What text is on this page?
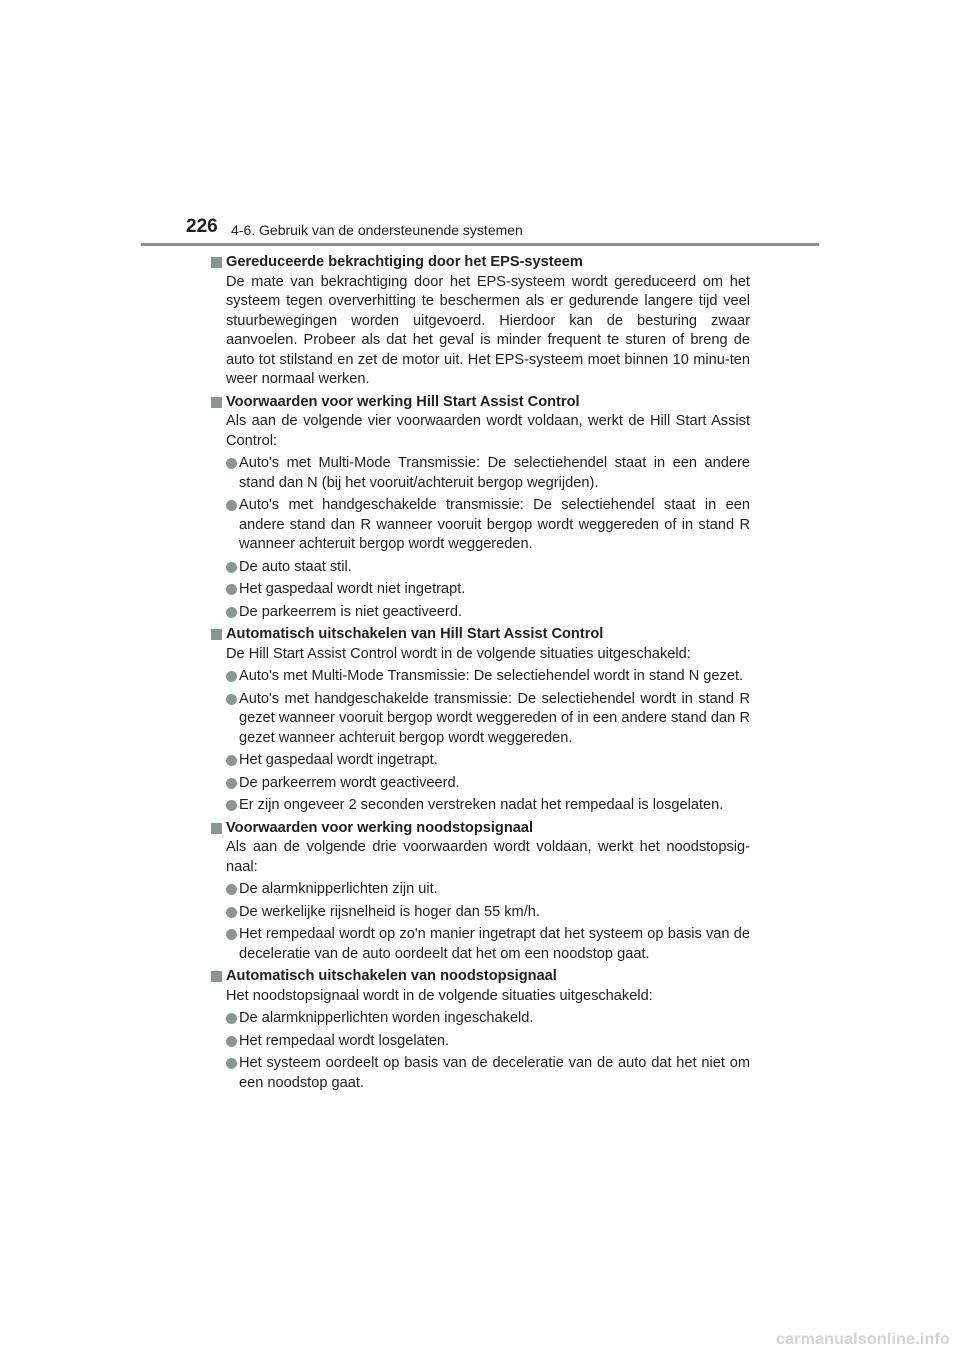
226 4-6. Gebruik van de ondersteunende systemen
Gereduceerde bekrachtiging door het EPS-systeem

De mate van bekrachtiging door het EPS-systeem wordt gereduceerd om het systeem tegen oververhitting te beschermen als er gedurende langere tijd veel stuurbewegingen worden uitgevoerd. Hierdoor kan de besturing zwaar aanvoelen. Probeer als dat het geval is minder frequent te sturen of breng de auto tot stilstand en zet de motor uit. Het EPS-systeem moet binnen 10 minu-ten weer normaal werken.

Voorwaarden voor werking Hill Start Assist Control

Als aan de volgende vier voorwaarden wordt voldaan, werkt de Hill Start Assist Control:

Auto's met Multi-Mode Transmissie: De selectiehendel staat in een andere stand dan N (bij het vooruit/achteruit bergop wegrijden).
Auto's met handgeschakelde transmissie: De selectiehendel staat in een andere stand dan R wanneer vooruit bergop wordt weggereden of in stand R wanneer achteruit bergop wordt weggereden.
De auto staat stil.
Het gaspedaal wordt niet ingetrapt.
De parkeerrem is niet geactiveerd.
Automatisch uitschakelen van Hill Start Assist Control

De Hill Start Assist Control wordt in de volgende situaties uitgeschakeld:

Auto's met Multi-Mode Transmissie: De selectiehendel wordt in stand N gezet.
Auto's met handgeschakelde transmissie: De selectiehendel wordt in stand R gezet wanneer vooruit bergop wordt weggereden of in een andere stand dan R gezet wanneer achteruit bergop wordt weggereden.
Het gaspedaal wordt ingetrapt.
De parkeerrem wordt geactiveerd.
Er zijn ongeveer 2 seconden verstreken nadat het rempedaal is losgelaten.
Voorwaarden voor werking noodstopsignaal

Als aan de volgende drie voorwaarden wordt voldaan, werkt het noodstopsig-naal:

De alarmknipperlichten zijn uit.
De werkelijke rijsnelheid is hoger dan 55 km/h.
Het rempedaal wordt op zo'n manier ingetrapt dat het systeem op basis van de deceleratie van de auto oordeelt dat het om een noodstop gaat.
Automatisch uitschakelen van noodstopsignaal

Het noodstopsignaal wordt in de volgende situaties uitgeschakeld:

De alarmknipperlichten worden ingeschakeld.
Het rempedaal wordt losgelaten.
Het systeem oordeelt op basis van de deceleratie van de auto dat het niet om een noodstop gaat.
carmanualsonline.info
